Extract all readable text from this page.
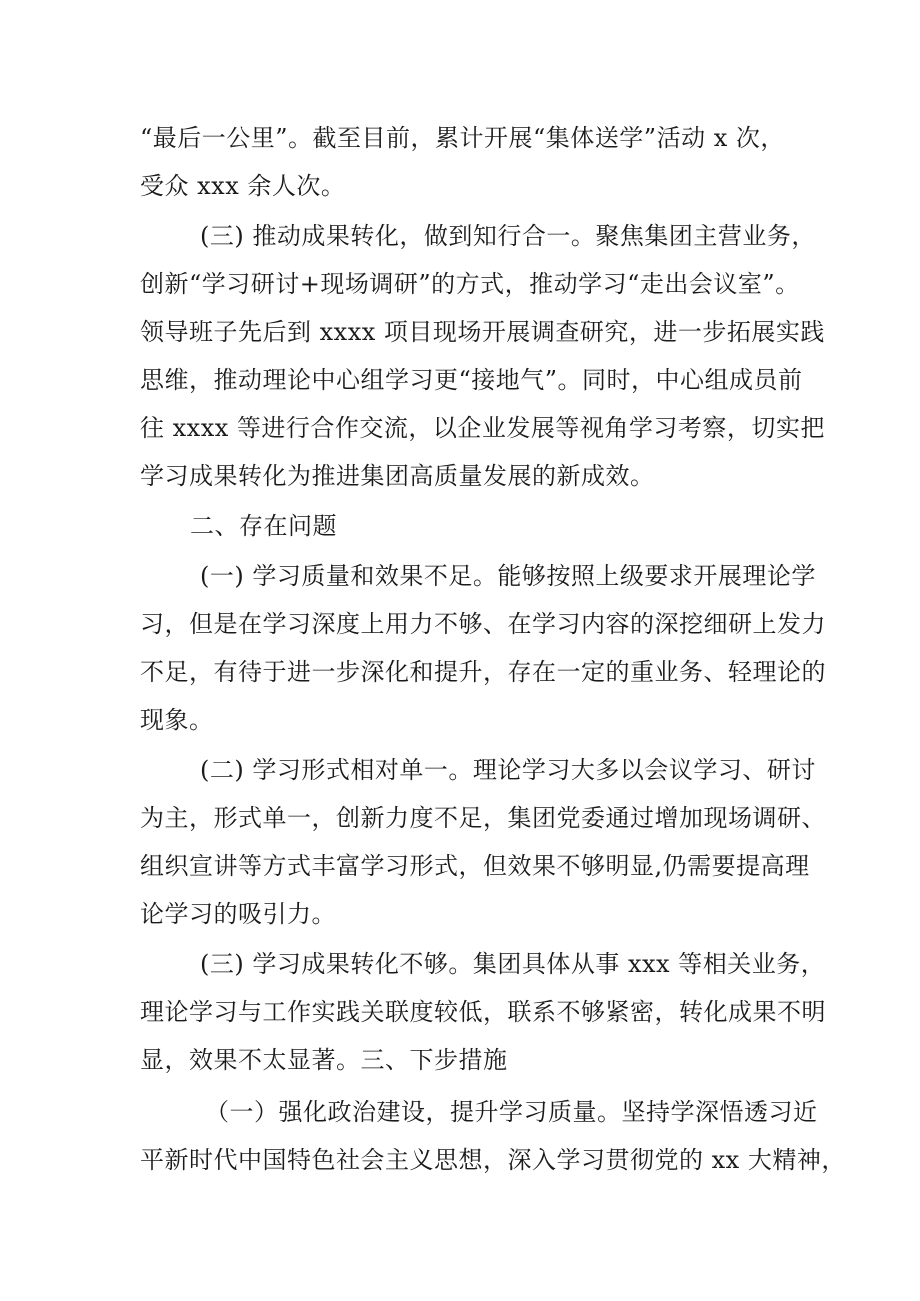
“最后一公里”。截至目前，累计开展“集体送学”活动 x 次，
受众 xxx 余人次。
(三) 推动成果转化，做到知行合一。聚焦集团主营业务，
创新“学习研讨+现场调研”的方式，推动学习“走出会议室”。
领导班子先后到 xxxx 项目现场开展调查研究，进一步拓展实践
思维，推动理论中心组学习更“接地气”。同时，中心组成员前
往 xxxx 等进行合作交流，以企业发展等视角学习考察，切实把
学习成果转化为推进集团高质量发展的新成效。
二、存在问题
(一) 学习质量和效果不足。能够按照上级要求开展理论学
习，但是在学习深度上用力不够、在学习内容的深挖细研上发力
不足，有待于进一步深化和提升，存在一定的重业务、轻理论的
现象。
(二) 学习形式相对单一。理论学习大多以会议学习、研讨
为主，形式单一，创新力度不足，集团党委通过增加现场调研、
组织宣讲等方式丰富学习形式，但效果不够明显,仍需要提高理
论学习的吸引力。
(三) 学习成果转化不够。集团具体从事 xxx 等相关业务，
理论学习与工作实践关联度较低，联系不够紧密，转化成果不明
显，效果不太显著。三、下步措施
（一）强化政治建设，提升学习质量。坚持学深悟透习近
平新时代中国特色社会主义思想，深入学习贯彻党的 xx 大精神，
